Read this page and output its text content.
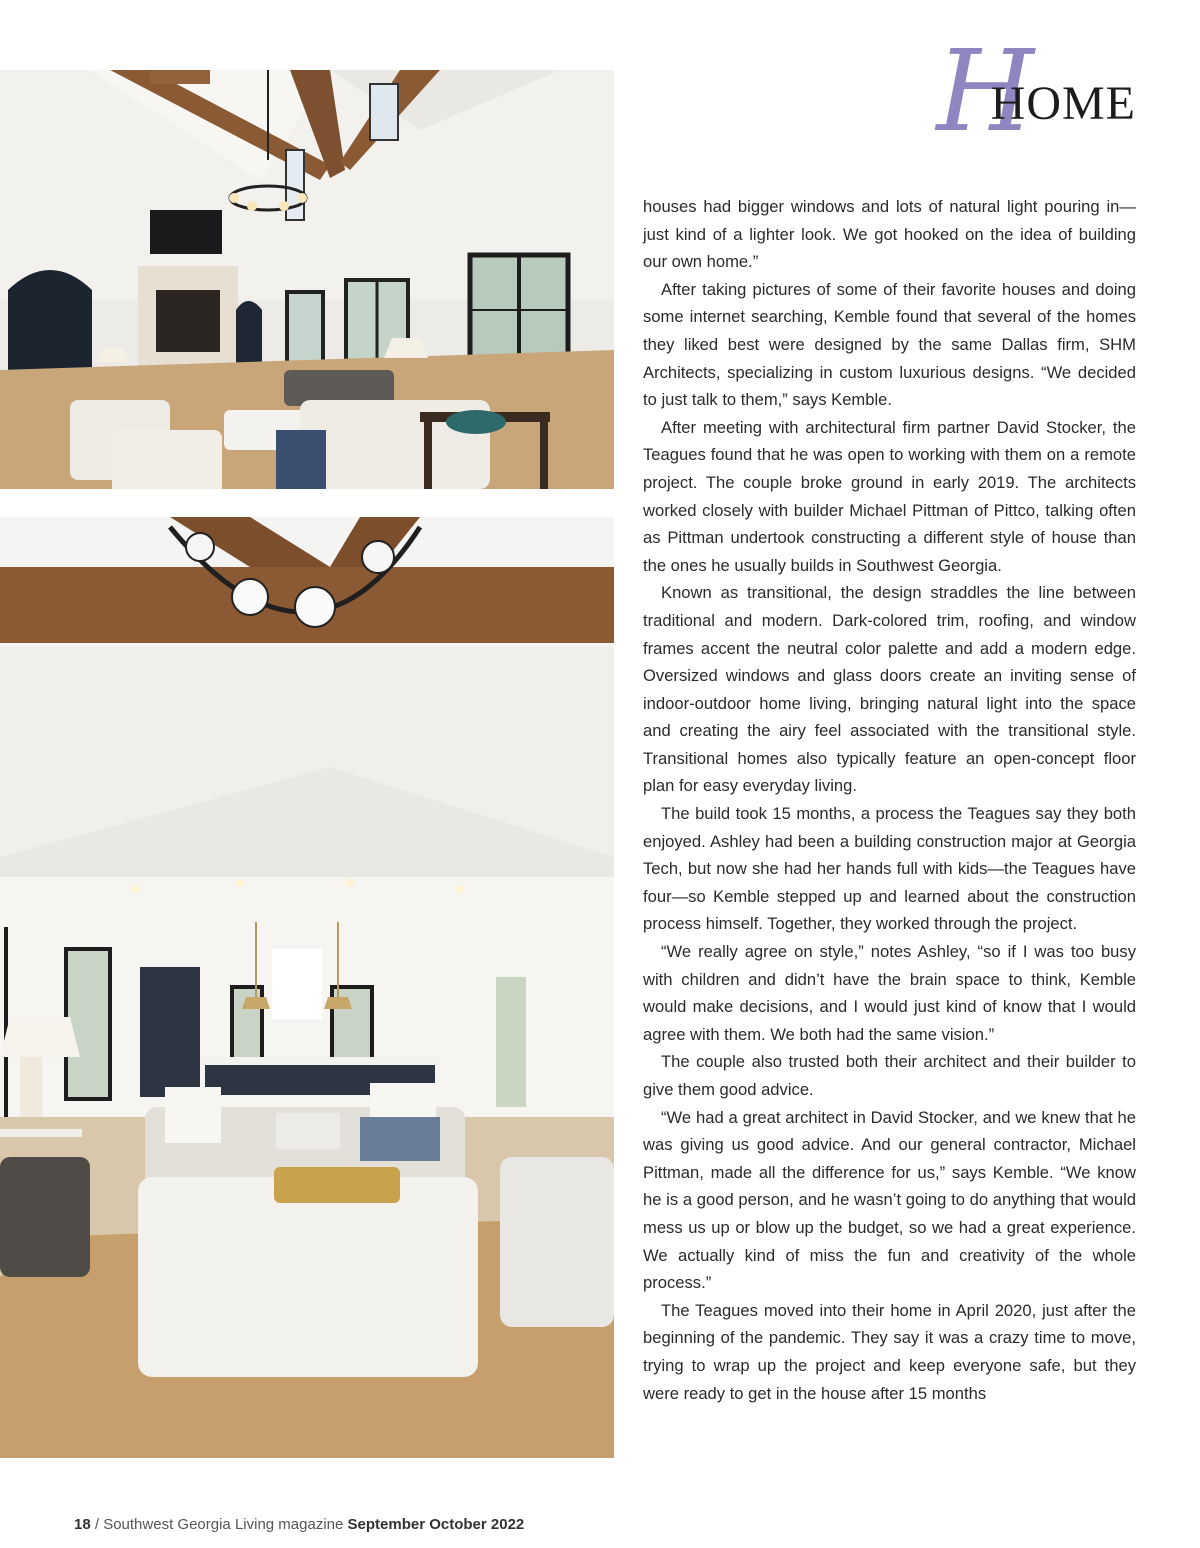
H
HOME

houses had bigger windows and lots of natural light pouring in—just kind of a lighter look. We got hooked on the idea of building our own home.”

After taking pictures of some of their favorite houses and doing some internet searching, Kemble found that several of the homes they liked best were designed by the same Dallas firm, SHM Architects, specializing in custom luxurious designs. “We decided to just talk to them,” says Kemble.

After meeting with architectural firm partner David Stocker, the Teagues found that he was open to working with them on a remote project. The couple broke ground in early 2019. The architects worked closely with builder Michael Pittman of Pittco, talking often as Pittman undertook constructing a different style of house than the ones he usually builds in Southwest Georgia.

Known as transitional, the design straddles the line between traditional and modern. Dark-colored trim, roofing, and window frames accent the neutral color palette and add a modern edge. Oversized windows and glass doors create an inviting sense of indoor-outdoor home living, bringing natural light into the space and creating the airy feel associated with the transitional style. Transitional homes also typically feature an open-concept floor plan for easy everyday living.

The build took 15 months, a process the Teagues say they both enjoyed. Ashley had been a building construction major at Georgia Tech, but now she had her hands full with kids—the Teagues have four—so Kemble stepped up and learned about the construction process himself. Together, they worked through the project.

“We really agree on style,” notes Ashley, “so if I was too busy with children and didn’t have the brain space to think, Kemble would make decisions, and I would just kind of know that I would agree with them. We both had the same vision.”

The couple also trusted both their architect and their builder to give them good advice.

“We had a great architect in David Stocker, and we knew that he was giving us good advice. And our general contractor, Michael Pittman, made all the difference for us,” says Kemble. “We know he is a good person, and he wasn’t going to do anything that would mess us up or blow up the budget, so we had a great experience. We actually kind of miss the fun and creativity of the whole process.”

The Teagues moved into their home in April 2020, just after the beginning of the pandemic. They say it was a crazy time to move, trying to wrap up the project and keep everyone safe, but they were ready to get in the house after 15 months

18 / Southwest Georgia Living magazine September October 2022
